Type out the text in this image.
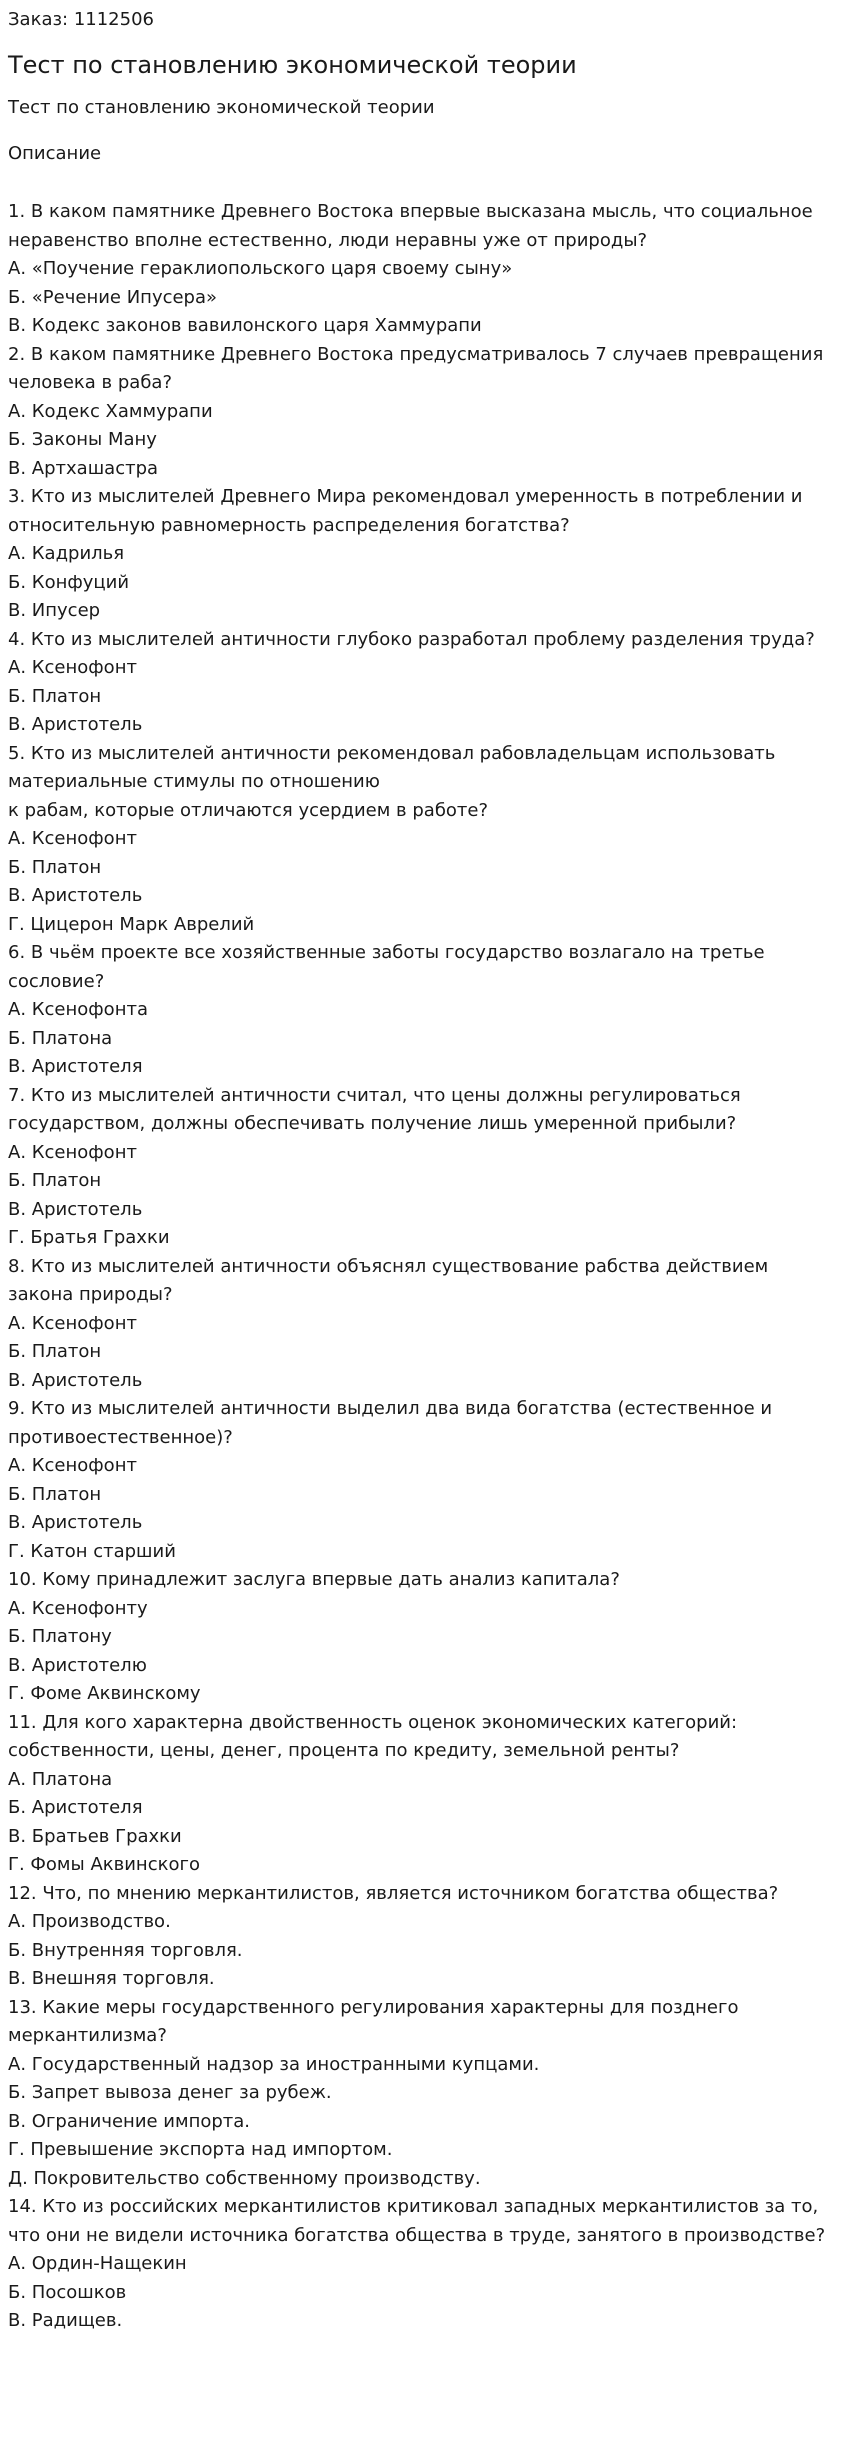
Заказ: 1112506

Тест по становлению экономической теории

Тест по становлению экономической теории

Описание

1. В каком памятнике Древнего Востока впервые высказана мысль, что социальное неравенство вполне естественно, люди неравны уже от природы?

А. «Поучение гераклиопольского царя своему сыну»

Б. «Речение Ипусера»

В. Кодекс законов вавилонского царя Хаммурапи

2. В каком памятнике Древнего Востока предусматривалось 7 случаев превращения человека в раба?

А. Кодекс Хаммурапи

Б. Законы Ману

В. Артхашастра

3. Кто из мыслителей Древнего Мира рекомендовал умеренность в потреблении и относительную равномерность распределения богатства?

А. Кадрилья

Б. Конфуций

В. Ипусер

4. Кто из мыслителей античности глубоко разработал проблему разделения труда?

А. Ксенофонт

Б. Платон

В. Аристотель

5. Кто из мыслителей античности рекомендовал рабовладельцам использовать материальные стимулы по отношению

к рабам, которые отличаются усердием в работе?

А. Ксенофонт

Б. Платон

В. Аристотель

Г. Цицерон Марк Аврелий

6. В чьём проекте все хозяйственные заботы государство возлагало на третье сословие?

А. Ксенофонта

Б. Платона

В. Аристотеля

7. Кто из мыслителей античности считал, что цены должны регулироваться государством, должны обеспечивать получение лишь умеренной прибыли?

А. Ксенофонт

Б. Платон

В. Аристотель

Г. Братья Грахки

8. Кто из мыслителей античности объяснял существование рабства действием закона природы?

А. Ксенофонт

Б. Платон

В. Аристотель

9. Кто из мыслителей античности выделил два вида богатства (естественное и противоестественное)?

А. Ксенофонт

Б. Платон

В. Аристотель

Г. Катон старший

10. Кому принадлежит заслуга впервые дать анализ капитала?

А. Ксенофонту

Б. Платону

В. Аристотелю

Г. Фоме Аквинскому

11. Для кого характерна двойственность оценок экономических категорий: собственности, цены, денег, процента по кредиту, земельной ренты?

А. Платона

Б. Аристотеля

В. Братьев Грахки

Г. Фомы Аквинского

12. Что, по мнению меркантилистов, является источником богатства общества?

А. Производство.

Б. Внутренняя торговля.

В. Внешняя торговля.

13. Какие меры государственного регулирования характерны для позднего меркантилизма?

А. Государственный надзор за иностранными купцами.

Б. Запрет вывоза денег за рубеж.

В. Ограничение импорта.

Г. Превышение экспорта над импортом.

Д. Покровительство собственному производству.

14. Кто из российских меркантилистов критиковал западных меркантилистов за то, что они не видели источника богатства общества в труде, занятого в производстве?

А. Ордин-Нащекин

Б. Посошков

В. Радищев.
